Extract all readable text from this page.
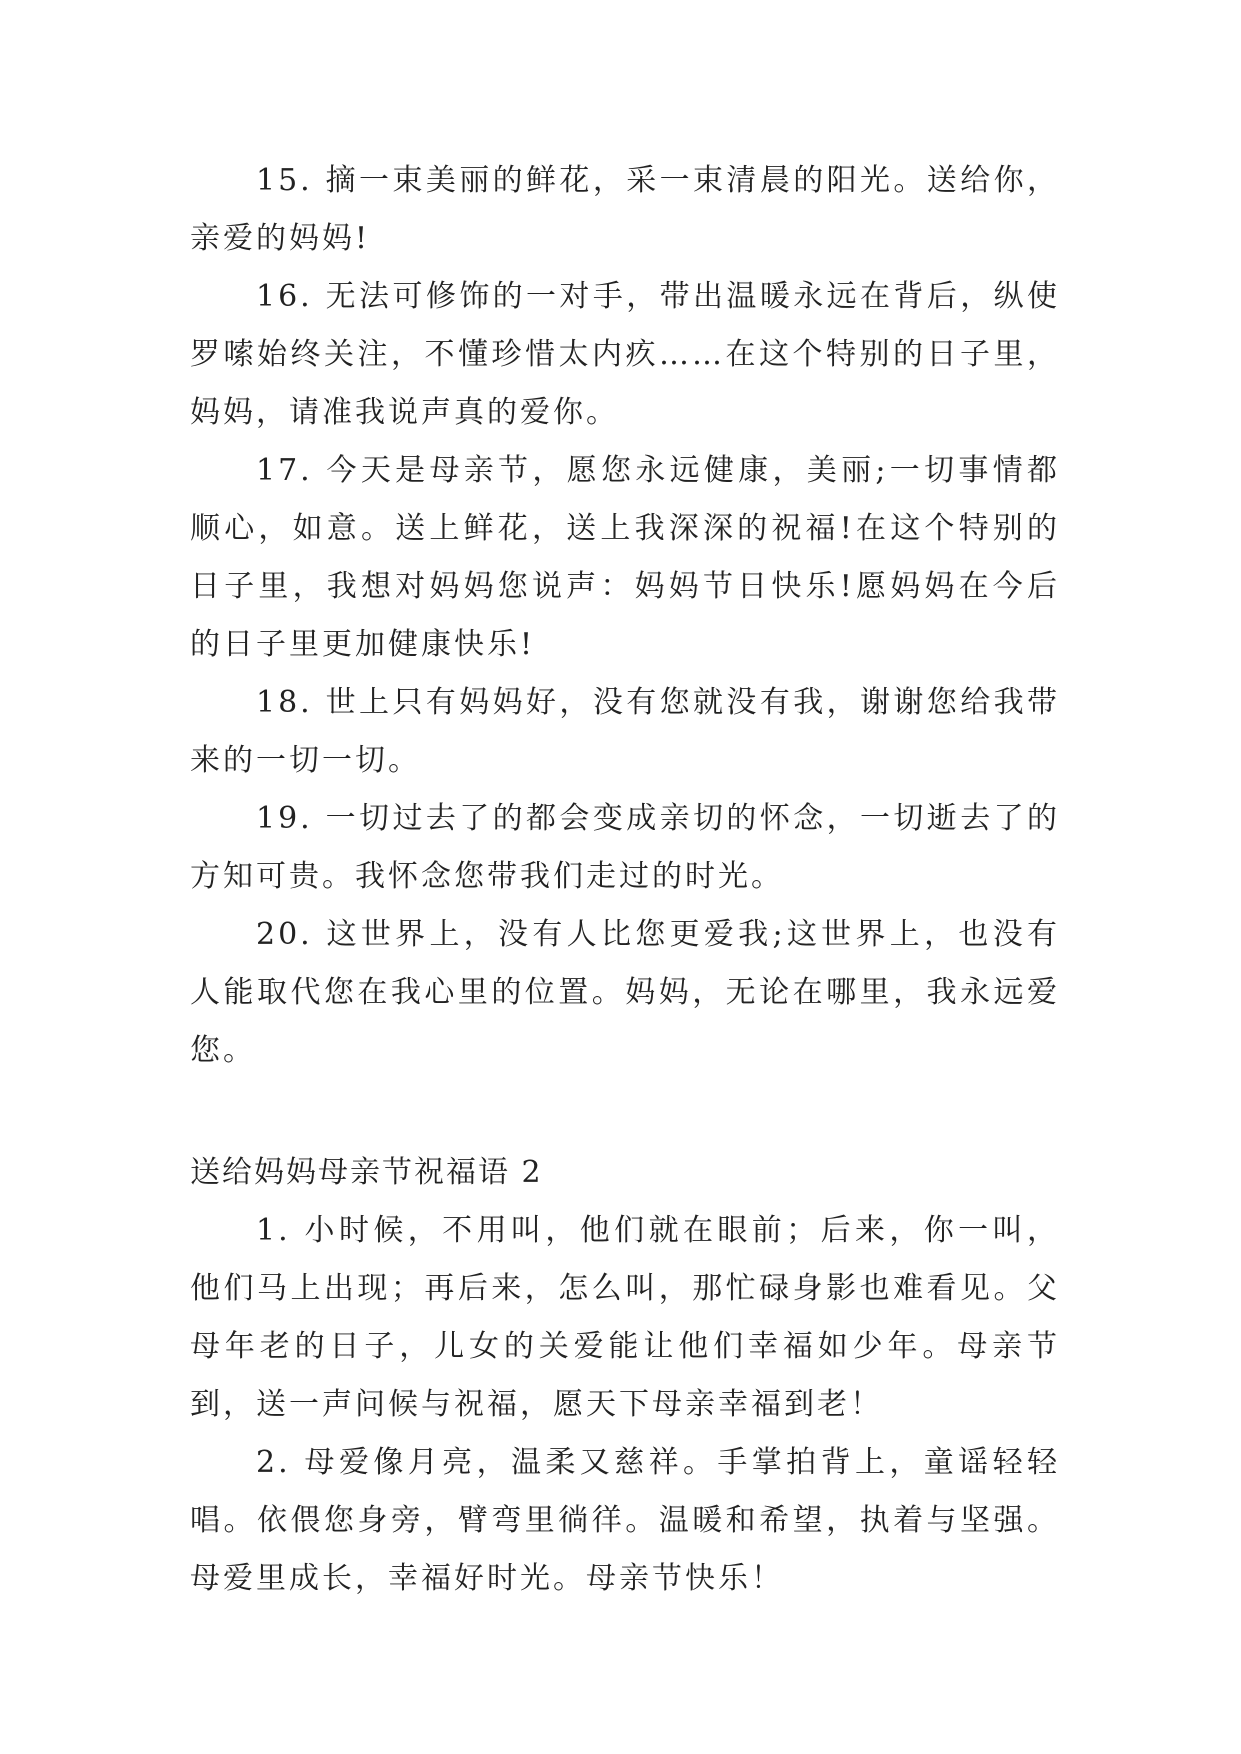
15. 摘一束美丽的鲜花，采一束清晨的阳光。送给你，亲爱的妈妈!

16. 无法可修饰的一对手，带出温暖永远在背后，纵使罗嗦始终关注，不懂珍惜太内疚……在这个特别的日子里，妈妈，请准我说声真的爱你。

17. 今天是母亲节，愿您永远健康，美丽;一切事情都顺心，如意。送上鲜花，送上我深深的祝福!在这个特别的日子里，我想对妈妈您说声：妈妈节日快乐!愿妈妈在今后的日子里更加健康快乐!

18. 世上只有妈妈好，没有您就没有我，谢谢您给我带来的一切一切。

19. 一切过去了的都会变成亲切的怀念，一切逝去了的方知可贵。我怀念您带我们走过的时光。

20. 这世界上，没有人比您更爱我;这世界上，也没有人能取代您在我心里的位置。妈妈，无论在哪里，我永远爱您。

送给妈妈母亲节祝福语 2

1. 小时候，不用叫，他们就在眼前；后来，你一叫，他们马上出现；再后来，怎么叫，那忙碌身影也难看见。父母年老的日子，儿女的关爱能让他们幸福如少年。母亲节到，送一声问候与祝福，愿天下母亲幸福到老！

2. 母爱像月亮，温柔又慈祥。手掌拍背上，童谣轻轻唱。依偎您身旁，臂弯里徜徉。温暖和希望，执着与坚强。母爱里成长，幸福好时光。母亲节快乐！
